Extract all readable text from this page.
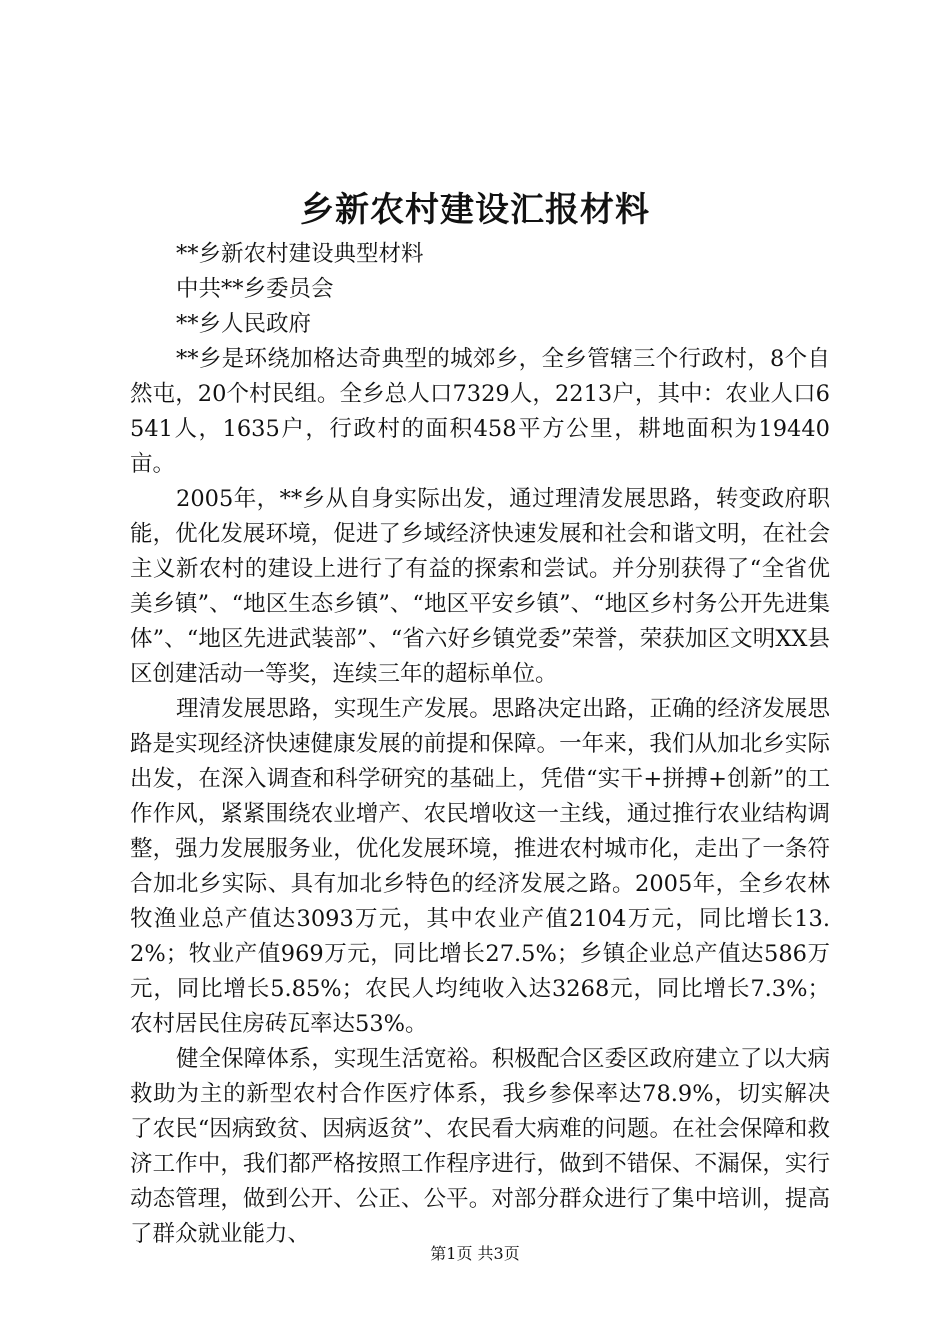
乡新农村建设汇报材料

**乡新农村建设典型材料

中共**乡委员会

**乡人民政府

**乡是环绕加格达奇典型的城郊乡，全乡管辖三个行政村，8个自然屯，20个村民组。全乡总人口7329人，2213户，其中：农业人口6541人，1635户，行政村的面积458平方公里，耕地面积为19440亩。

2005年，**乡从自身实际出发，通过理清发展思路，转变政府职能，优化发展环境，促进了乡域经济快速发展和社会和谐文明，在社会主义新农村的建设上进行了有益的探索和尝试。并分别获得了“全省优美乡镇”、“地区生态乡镇”、“地区平安乡镇”、“地区乡村务公开先进集体”、“地区先进武装部”、“省六好乡镇党委”荣誉，荣获加区文明XX县区创建活动一等奖，连续三年的超标单位。

理清发展思路，实现生产发展。思路决定出路，正确的经济发展思路是实现经济快速健康发展的前提和保障。一年来，我们从加北乡实际出发，在深入调查和科学研究的基础上，凭借“实干+拼搏+创新”的工作作风，紧紧围绕农业增产、农民增收这一主线，通过推行农业结构调整，强力发展服务业，优化发展环境，推进农村城市化，走出了一条符合加北乡实际、具有加北乡特色的经济发展之路。2005年，全乡农林牧渔业总产值达3093万元，其中农业产值2104万元，同比增长13.2%；牧业产值969万元，同比增长27.5%；乡镇企业总产值达586万元，同比增长5.85%；农民人均纯收入达3268元，同比增长7.3%；农村居民住房砖瓦率达53%。

健全保障体系，实现生活宽裕。积极配合区委区政府建立了以大病救助为主的新型农村合作医疗体系，我乡参保率达78.9%，切实解决了农民“因病致贫、因病返贫”、农民看大病难的问题。在社会保障和救济工作中，我们都严格按照工作程序进行，做到不错保、不漏保，实行动态管理，做到公开、公正、公平。对部分群众进行了集中培训，提高了群众就业能力、

第1页 共3页
